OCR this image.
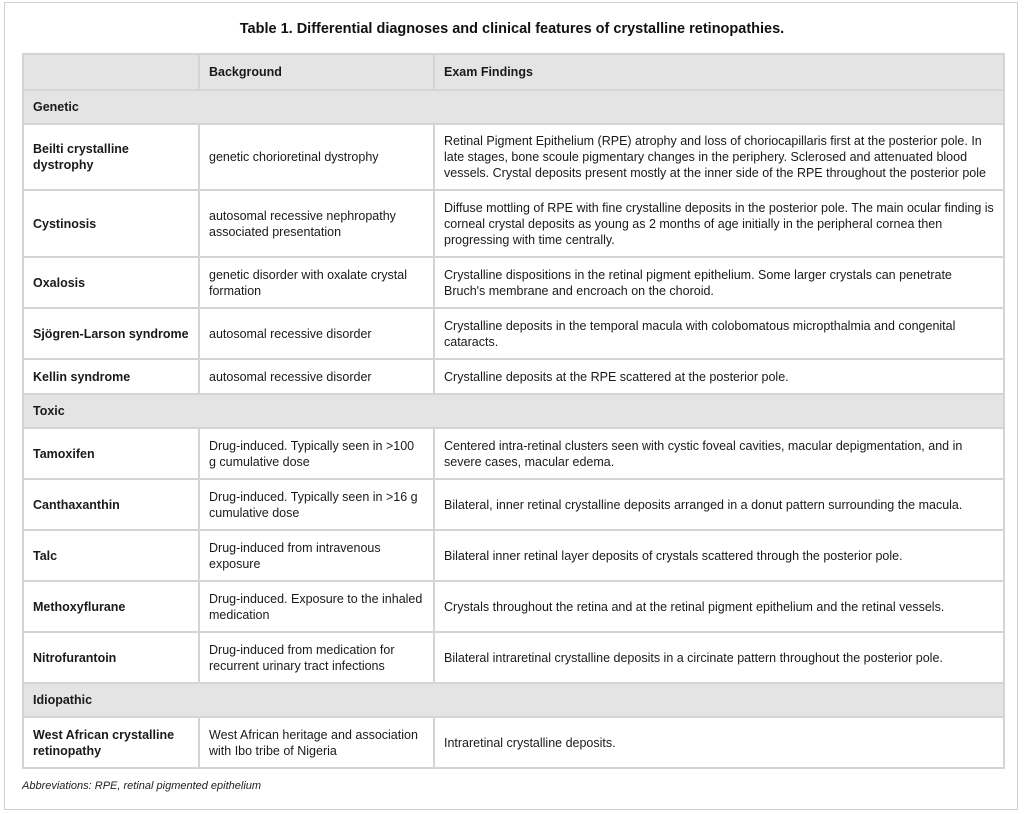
Table 1. Differential diagnoses and clinical features of crystalline retinopathies.
	Background	Exam Findings
Genetic		
Beilti crystalline dystrophy	genetic chorioretinal dystrophy	Retinal Pigment Epithelium (RPE) atrophy and loss of choriocapillaris first at the posterior pole. In late stages, bone scoule pigmentary changes in the periphery. Sclerosed and attenuated blood vessels. Crystal deposits present mostly at the inner side of the RPE throughout the posterior pole
Cystinosis	autosomal recessive nephropathy associated presentation	Diffuse mottling of RPE with fine crystalline deposits in the posterior pole. The main ocular finding is corneal crystal deposits as young as 2 months of age initially in the peripheral cornea then progressing with time centrally.
Oxalosis	genetic disorder with oxalate crystal formation	Crystalline dispositions in the retinal pigment epithelium. Some larger crystals can penetrate Bruch's membrane and encroach on the choroid.
Sjögren-Larson syndrome	autosomal recessive disorder	Crystalline deposits in the temporal macula with colobomatous micropthalmia and congenital cataracts.
Kellin syndrome	autosomal recessive disorder	Crystalline deposits at the RPE scattered at the posterior pole.
Toxic		
Tamoxifen	Drug-induced. Typically seen in >100 g cumulative dose	Centered intra-retinal clusters seen with cystic foveal cavities, macular depigmentation, and in severe cases, macular edema.
Canthaxanthin	Drug-induced. Typically seen in >16 g cumulative dose	Bilateral, inner retinal crystalline deposits arranged in a donut pattern surrounding the macula.
Talc	Drug-induced from intravenous exposure	Bilateral inner retinal layer deposits of crystals scattered through the posterior pole.
Methoxyflurane	Drug-induced. Exposure to the inhaled medication	Crystals throughout the retina and at the retinal pigment epithelium and the retinal vessels.
Nitrofurantoin	Drug-induced from medication for recurrent urinary tract infections	Bilateral intraretinal crystalline deposits in a circinate pattern throughout the posterior pole.
Idiopathic		
West African crystalline retinopathy	West African heritage and association with Ibo tribe of Nigeria	Intraretinal crystalline deposits.
Abbreviations: RPE, retinal pigmented epithelium
